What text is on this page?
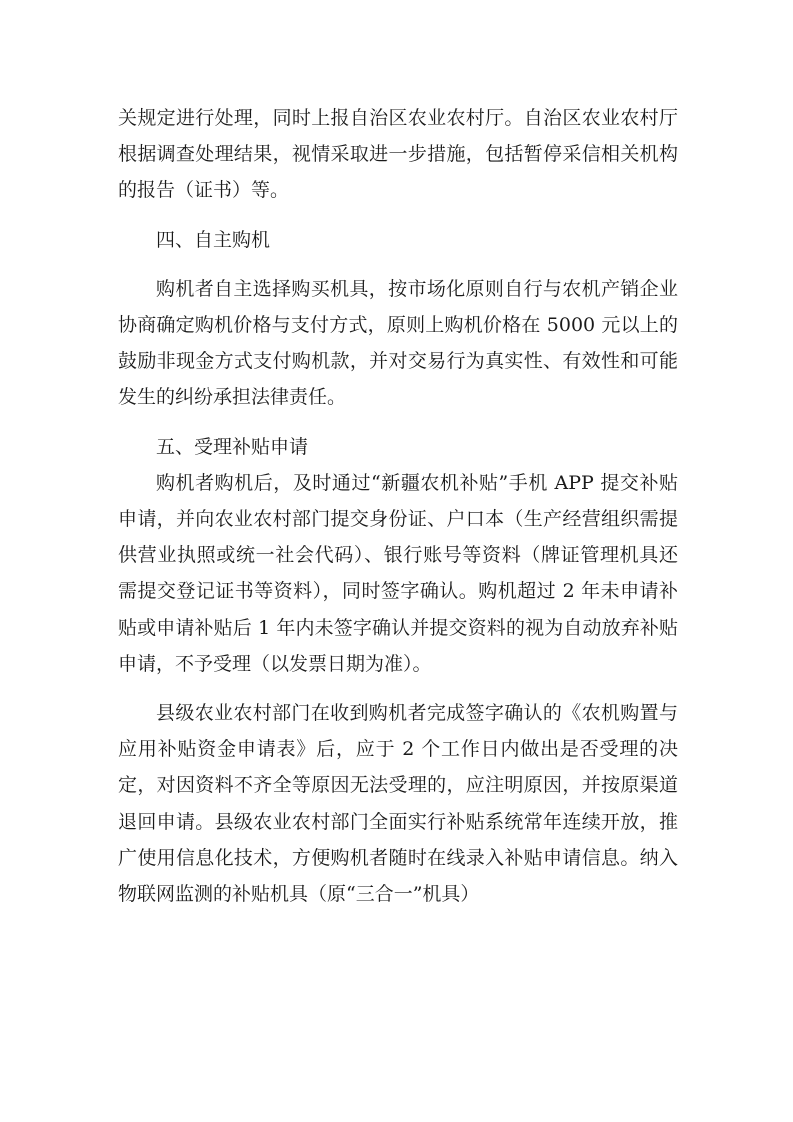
关规定进行处理，同时上报自治区农业农村厅。自治区农业农村厅根据调查处理结果，视情采取进一步措施，包括暂停采信相关机构的报告（证书）等。

四、自主购机

购机者自主选择购买机具，按市场化原则自行与农机产销企业协商确定购机价格与支付方式，原则上购机价格在 5000 元以上的鼓励非现金方式支付购机款，并对交易行为真实性、有效性和可能发生的纠纷承担法律责任。

五、受理补贴申请

购机者购机后，及时通过“新疆农机补贴”手机 APP 提交补贴申请，并向农业农村部门提交身份证、户口本（生产经营组织需提供营业执照或统一社会代码）、银行账号等资料（牌证管理机具还需提交登记证书等资料），同时签字确认。购机超过 2 年未申请补贴或申请补贴后 1 年内未签字确认并提交资料的视为自动放弃补贴申请，不予受理（以发票日期为准）。

县级农业农村部门在收到购机者完成签字确认的《农机购置与应用补贴资金申请表》后，应于 2 个工作日内做出是否受理的决定，对因资料不齐全等原因无法受理的，应注明原因，并按原渠道退回申请。县级农业农村部门全面实行补贴系统常年连续开放，推广使用信息化技术，方便购机者随时在线录入补贴申请信息。纳入物联网监测的补贴机具（原“三合一”机具）
